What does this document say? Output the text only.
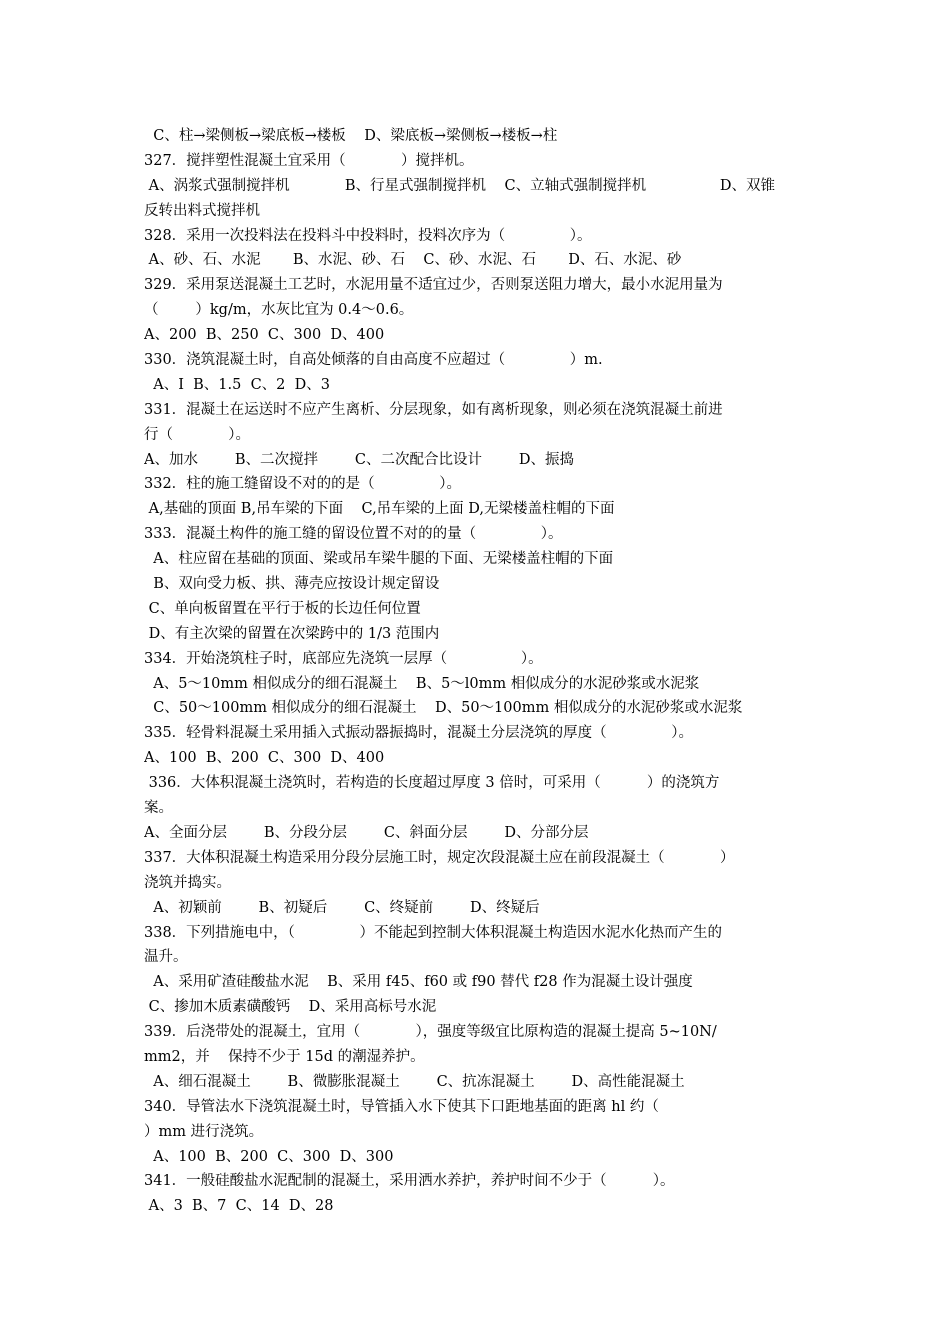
C、柱→梁侧板→梁底板→楼板    D、梁底板→梁侧板→楼板→柱
327．搅拌塑性混凝土宜采用（            ）搅拌机。
A、涡浆式强制搅拌机            B、行星式强制搅拌机    C、立轴式强制搅拌机                D、双锥
反转出料式搅拌机
328．采用一次投料法在投料斗中投料时，投料次序为（              ）。
A、砂、石、水泥       B、水泥、砂、石    C、砂、水泥、石       D、石、水泥、砂
329．采用泵送混凝土工艺时，水泥用量不适宜过少，否则泵送阻力增大，最小水泥用量为
（        ）kg/m，水灰比宜为 0.4～0.6。
A、200  B、250  C、300  D、400
330．浇筑混凝土时，自高处倾落的自由高度不应超过（              ）m.
A、I  B、1.5  C、2  D、3
331．混凝土在运送时不应产生离析、分层现象，如有离析现象，则必须在浇筑混凝土前进
行（            ）。
A、加水        B、二次搅拌        C、二次配合比设计        D、振捣
332．柱的施工缝留设不对的的是（              ）。
A,基础的顶面 B,吊车梁的下面    C,吊车梁的上面 D,无梁楼盖柱帽的下面
333．混凝土构件的施工缝的留设位置不对的的量（              ）。
A、柱应留在基础的顶面、梁或吊车梁牛腿的下面、无梁楼盖柱帽的下面
B、双向受力板、拱、薄壳应按设计规定留设
C、单向板留置在平行于板的长边任何位置
D、有主次梁的留置在次梁跨中的 1/3 范围内
334．开始浇筑柱子时，底部应先浇筑一层厚（                ）。
A、5～10mm 相似成分的细石混凝土    B、5～l0mm 相似成分的水泥砂浆或水泥浆
C、50～100mm 相似成分的细石混凝土    D、50～100mm 相似成分的水泥砂浆或水泥浆
335．轻骨料混凝土采用插入式振动器振捣时，混凝土分层浇筑的厚度（              ）。
A、100  B、200  C、300  D、400
336．大体积混凝土浇筑时，若构造的长度超过厚度 3 倍时，可采用（          ）的浇筑方
案。
A、全面分层        B、分段分层        C、斜面分层        D、分部分层
337．大体积混凝土构造采用分段分层施工时，规定次段混凝土应在前段混凝土（            ）
浇筑并捣实。
A、初颖前        B、初疑后        C、终疑前        D、终疑后
338．下列措施电中，（              ）不能起到控制大体积混凝土构造因水泥水化热而产生的
温升。
A、采用矿渣硅酸盐水泥    B、采用 f45、f60 或 f90 替代 f28 作为混凝土设计强度
C、掺加木质素磺酸钙    D、采用高标号水泥
339．后浇带处的混凝土，宜用（            ），强度等级宜比原构造的混凝土提高 5~10N/
mm2，并    保持不少于 15d 的潮湿养护。
A、细石混凝土        B、微膨胀混凝土        C、抗冻混凝土        D、高性能混凝土
340．导管法水下浇筑混凝土时，导管插入水下使其下口距地基面的距离 hl 约（
）mm 进行浇筑。
A、100  B、200  C、300  D、300
341．一般硅酸盐水泥配制的混凝土，采用洒水养护，养护时间不少于（          ）。
A、3  B、7  C、14  D、28
